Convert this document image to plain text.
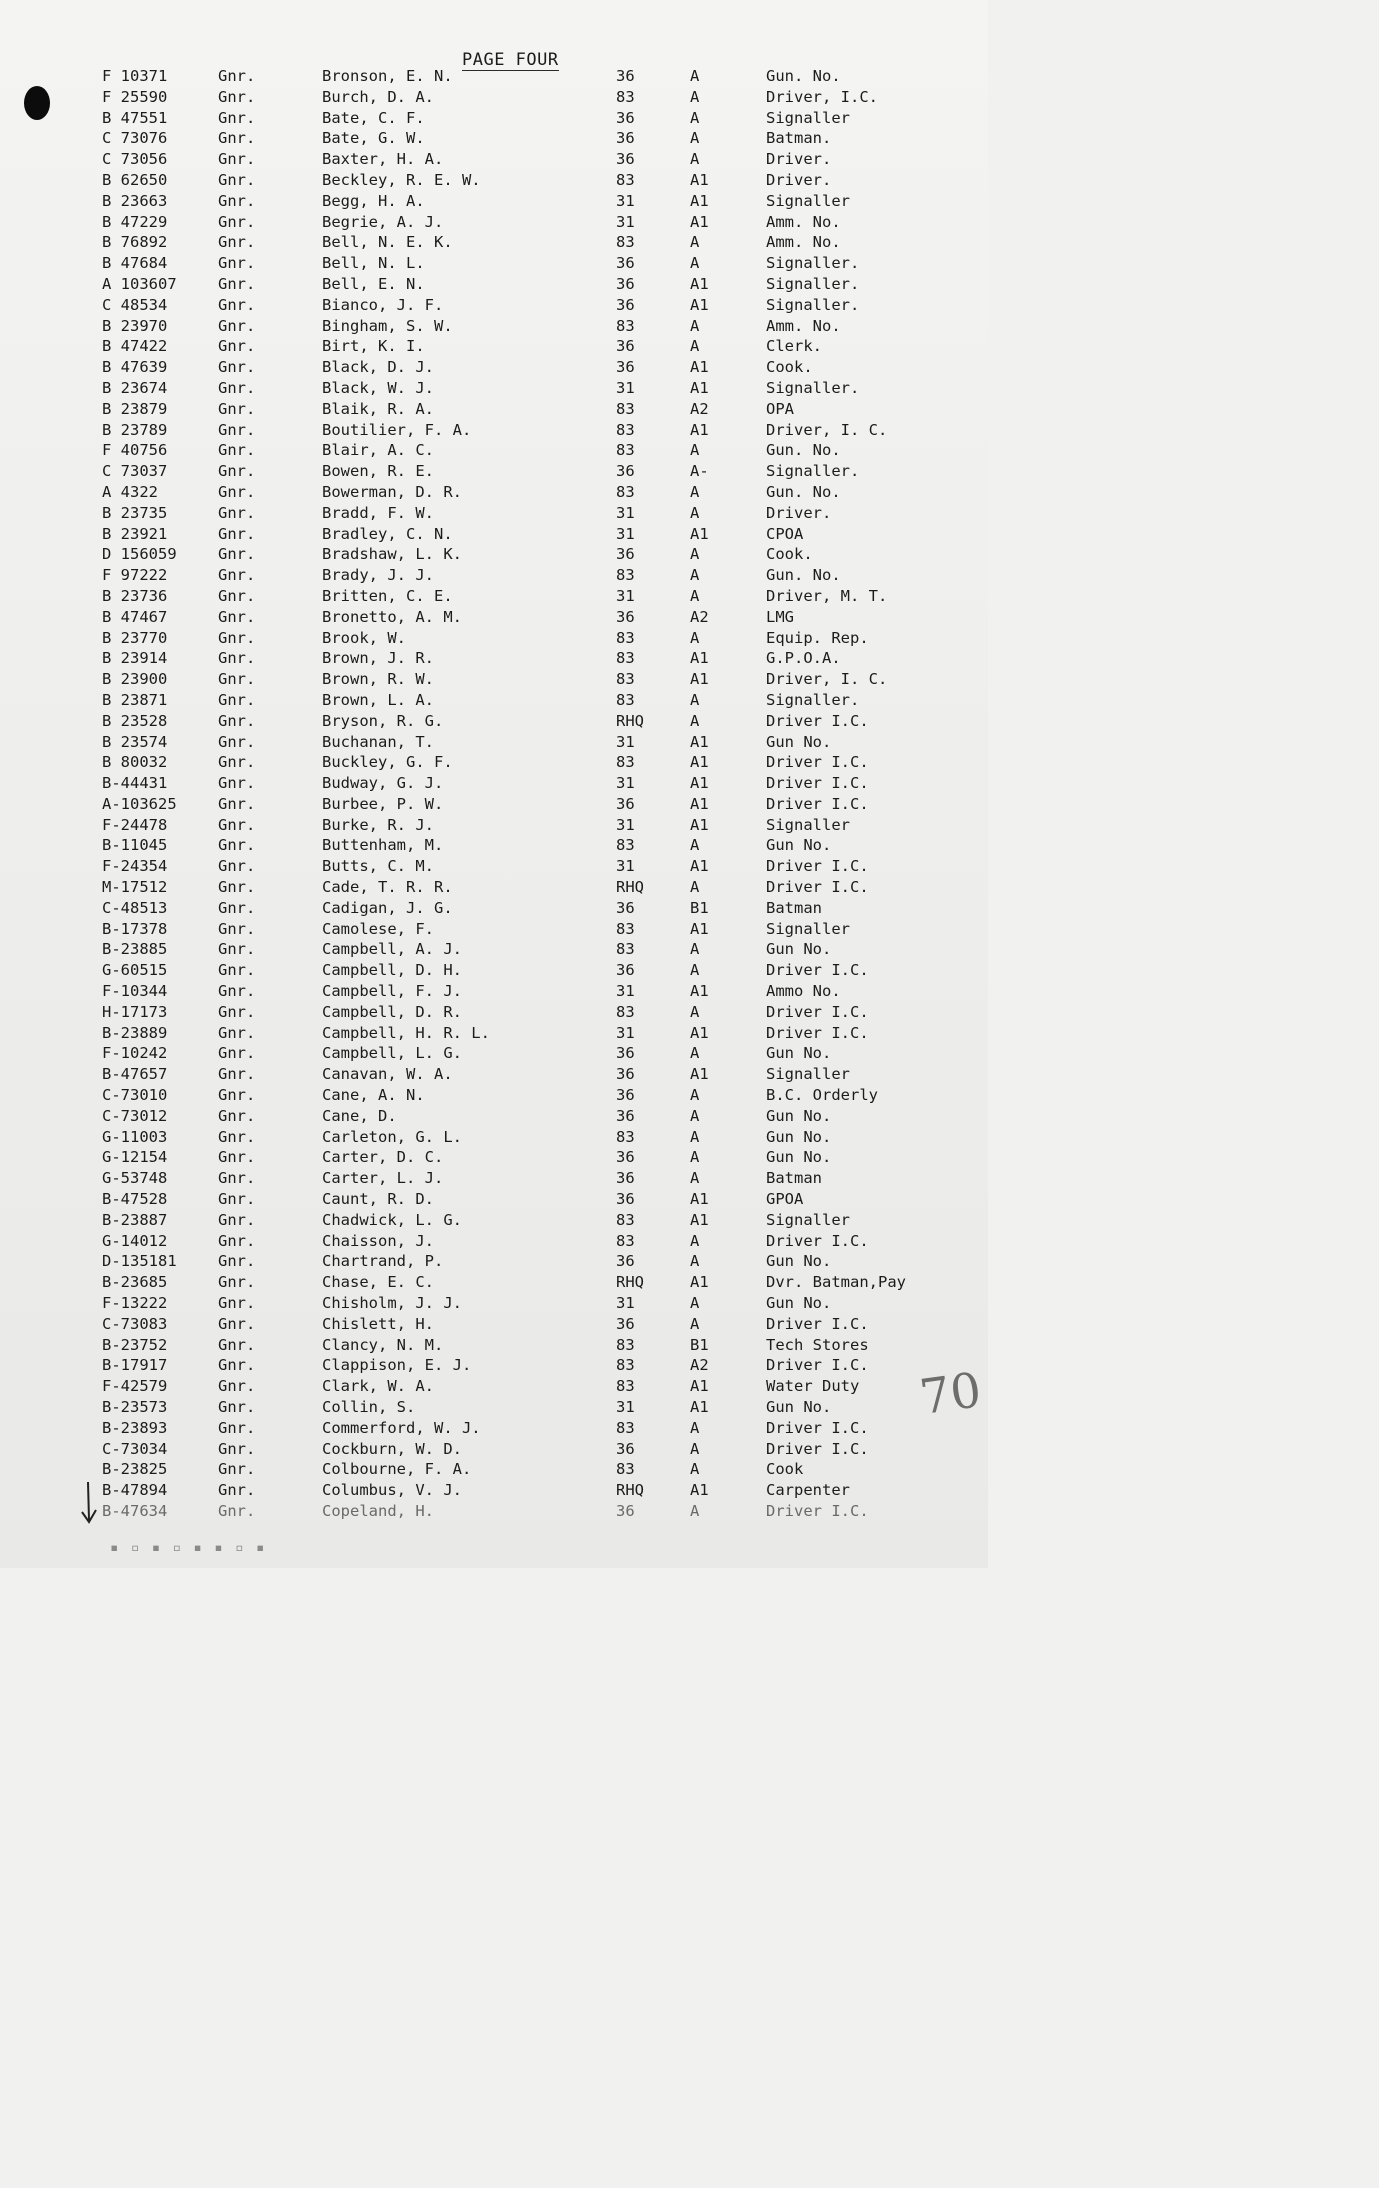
PAGE FOUR
F 10371	Gnr.	Bronson, E. N.	36	A	Gun. No.
F 25590	Gnr.	Burch, D. A.	83	A	Driver, I.C.
B 47551	Gnr.	Bate, C. F.	36	A	Signaller
C 73076	Gnr.	Bate, G. W.	36	A	Batman.
C 73056	Gnr.	Baxter, H. A.	36	A	Driver.
B 62650	Gnr.	Beckley, R. E. W.	83	A1	Driver.
B 23663	Gnr.	Begg, H. A.	31	A1	Signaller
B 47229	Gnr.	Begrie, A. J.	31	A1	Amm. No.
B 76892	Gnr.	Bell, N. E. K.	83	A	Amm. No.
B 47684	Gnr.	Bell, N. L.	36	A	Signaller.
A 103607	Gnr.	Bell, E. N.	36	A1	Signaller.
C 48534	Gnr.	Bianco, J. F.	36	A1	Signaller.
B 23970	Gnr.	Bingham, S. W.	83	A	Amm. No.
B 47422	Gnr.	Birt, K. I.	36	A	Clerk.
B 47639	Gnr.	Black, D. J.	36	A1	Cook.
B 23674	Gnr.	Black, W. J.	31	A1	Signaller.
B 23879	Gnr.	Blaik, R. A.	83	A2	OPA
B 23789	Gnr.	Boutilier, F. A.	83	A1	Driver, I. C.
F 40756	Gnr.	Blair, A. C.	83	A	Gun. No.
C 73037	Gnr.	Bowen, R. E.	36	A-	Signaller.
A 4322	Gnr.	Bowerman, D. R.	83	A	Gun. No.
B 23735	Gnr.	Bradd, F. W.	31	A	Driver.
B 23921	Gnr.	Bradley, C. N.	31	A1	CPOA
D 156059	Gnr.	Bradshaw, L. K.	36	A	Cook.
F 97222	Gnr.	Brady, J. J.	83	A	Gun. No.
B 23736	Gnr.	Britten, C. E.	31	A	Driver, M. T.
B 47467	Gnr.	Bronetto, A. M.	36	A2	LMG
B 23770	Gnr.	Brook, W.	83	A	Equip. Rep.
B 23914	Gnr.	Brown, J. R.	83	A1	G.P.O.A.
B 23900	Gnr.	Brown, R. W.	83	A1	Driver, I. C.
B 23871	Gnr.	Brown, L. A.	83	A	Signaller.
B 23528	Gnr.	Bryson, R. G.	RHQ	A	Driver I.C.
B 23574	Gnr.	Buchanan, T.	31	A1	Gun No.
B 80032	Gnr.	Buckley, G. F.	83	A1	Driver I.C.
B-44431	Gnr.	Budway, G. J.	31	A1	Driver I.C.
A-103625	Gnr.	Burbee, P. W.	36	A1	Driver I.C.
F-24478	Gnr.	Burke, R. J.	31	A1	Signaller
B-11045	Gnr.	Buttenham, M.	83	A	Gun No.
F-24354	Gnr.	Butts, C. M.	31	A1	Driver I.C.
M-17512	Gnr.	Cade, T. R. R.	RHQ	A	Driver I.C.
C-48513	Gnr.	Cadigan, J. G.	36	B1	Batman
B-17378	Gnr.	Camolese, F.	83	A1	Signaller
B-23885	Gnr.	Campbell, A. J.	83	A	Gun No.
G-60515	Gnr.	Campbell, D. H.	36	A	Driver I.C.
F-10344	Gnr.	Campbell, F. J.	31	A1	Ammo No.
H-17173	Gnr.	Campbell, D. R.	83	A	Driver I.C.
B-23889	Gnr.	Campbell, H. R. L.	31	A1	Driver I.C.
F-10242	Gnr.	Campbell, L. G.	36	A	Gun No.
B-47657	Gnr.	Canavan, W. A.	36	A1	Signaller
C-73010	Gnr.	Cane, A. N.	36	A	B.C. Orderly
C-73012	Gnr.	Cane, D.	36	A	Gun No.
G-11003	Gnr.	Carleton, G. L.	83	A	Gun No.
G-12154	Gnr.	Carter, D. C.	36	A	Gun No.
G-53748	Gnr.	Carter, L. J.	36	A	Batman
B-47528	Gnr.	Caunt, R. D.	36	A1	GPOA
B-23887	Gnr.	Chadwick, L. G.	83	A1	Signaller
G-14012	Gnr.	Chaisson, J.	83	A	Driver I.C.
D-135181	Gnr.	Chartrand, P.	36	A	Gun No.
B-23685	Gnr.	Chase, E. C.	RHQ	A1	Dvr. Batman,Pay
F-13222	Gnr.	Chisholm, J. J.	31	A	Gun No.
C-73083	Gnr.	Chislett, H.	36	A	Driver I.C.
B-23752	Gnr.	Clancy, N. M.	83	B1	Tech Stores
B-17917	Gnr.	Clappison, E. J.	83	A2	Driver I.C.
F-42579	Gnr.	Clark, W. A.	83	A1	Water Duty
B-23573	Gnr.	Collin, S.	31	A1	Gun No.
B-23893	Gnr.	Commerford, W. J.	83	A	Driver I.C.
C-73034	Gnr.	Cockburn, W. D.	36	A	Driver I.C.
B-23825	Gnr.	Colbourne, F. A.	83	A	Cook
B-47894	Gnr.	Columbus, V. J.	RHQ	A1	Carpenter
B-47634	Gnr.	Copeland, H.	36	A	Driver I.C.
70
▪ ▫ ▪ ▫ ▪ ▪ ▫ ▪
